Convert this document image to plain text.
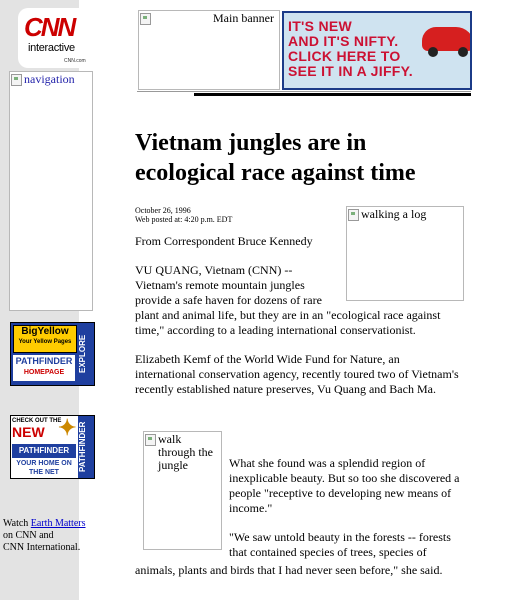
CNN
interactive
CNN.com
navigation
BigYellow
Your Yellow Pages
PATHFINDER
HOMEPAGE	EXPLORE
CHECK OUT THE
NEW ✦
PATHFINDER
YOUR HOME ON THE NET
PATHFINDER
Watch Earth Matters
on CNN and
CNN International.
Main banner IT'S NEW
AND IT'S NIFTY.
CLICK HERE TO
SEE IT IN A JIFFY.
Vietnam jungles are in ecological race against time
October 26, 1996
Web posted at: 4:20 p.m. EDT	walking a log
From Correspondent Bruce Kennedy

VU QUANG, Vietnam (CNN) --
Vietnam's remote mountain jungles
provide a safe haven for dozens of rare
plant and animal life, but they are in an "ecological race against
time," according to a leading international conservationist.

Elizabeth Kemf of the World Wide Fund for Nature, an international conservation agency, recently toured two of Vietnam's recently established nature preserves, Vu Quang and Bach Ma.

walk through the jungle	What she found was a splendid region of inexplicable beauty. But so too she discovered a people "receptive to developing new means of income."

"We saw untold beauty in the forests -- forests that contained species of trees, species of

animals, plants and birds that I had never seen before," she said.
